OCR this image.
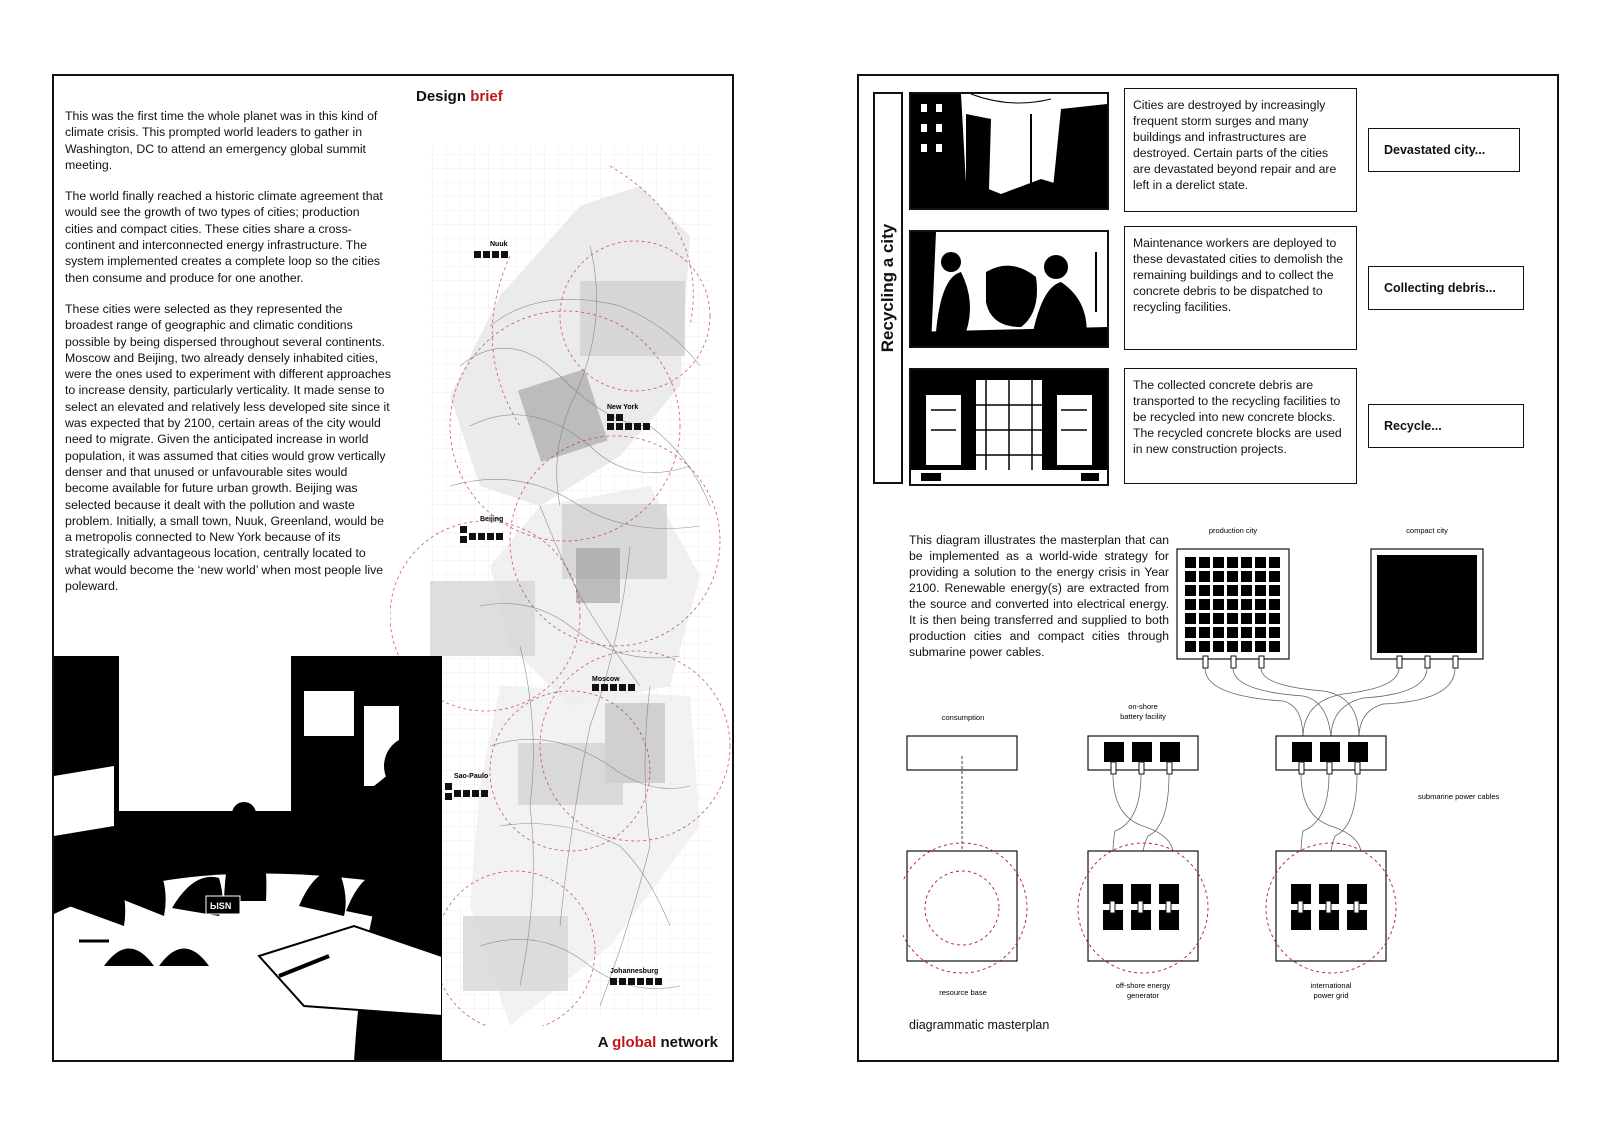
Design brief

This was the first time the whole planet was in this kind of climate crisis. This prompted world leaders to gather in Washington, DC to attend an emergency global summit meeting.

The world finally reached a historic climate agreement that would see the growth of two types of cities; production cities and compact cities. These cities share a cross-continent and interconnected energy infrastructure. The system implemented creates a complete loop so the cities then consume and produce for one another.

These cities were selected as they represented the broadest range of geographic and climatic conditions possible by being dispersed throughout several continents. Moscow and Beijing, two already densely inhabited cities, were the ones used to experiment with different approaches to increase density, particularly verticality. It made sense to select an elevated and relatively less developed site since it was expected that by 2100, certain areas of the city would need to migrate. Given the anticipated increase in world population, it was assumed that cities would grow vertically denser and that unused or unfavourable sites would become available for future urban growth. Beijing was selected because it dealt with the pollution and waste problem. Initially, a small town, Nuuk, Greenland, would be a metropolis connected to New York because of its strategically advantageous location, centrally located to what would become the ‘new world’ when most people live poleward.

Nuuk
New York
Beijing
Moscow
Sao-Paulo
Johannesburg
ЫSN
A global network
Recycling a city
Cities are destroyed by increasingly frequent storm surges and many buildings and infrastructures are destroyed. Certain parts of the cities are devastated beyond repair and are left in a derelict state.
Devastated city...
Maintenance workers are deployed to these devastated cities to demolish the remaining buildings and to collect the concrete debris to be dispatched to recycling facilities.
Collecting debris...
The collected concrete debris are transported to the recycling facilities to be recycled into new concrete blocks. The recycled concrete blocks are used in new construction projects.
Recycle...
This diagram illustrates the masterplan that can be implemented as a world-wide strategy for providing a solution to the energy crisis in Year 2100. Renewable energy(s) are extracted from the source and converted into electrical energy. It is then being transferred and supplied to both production cities and compact cities through submarine power cables.
production city	compact city
consumption
on-shore
battery facility
submarine power cables
resource base
off-shore energy
generator
international
power grid
diagrammatic masterplan
